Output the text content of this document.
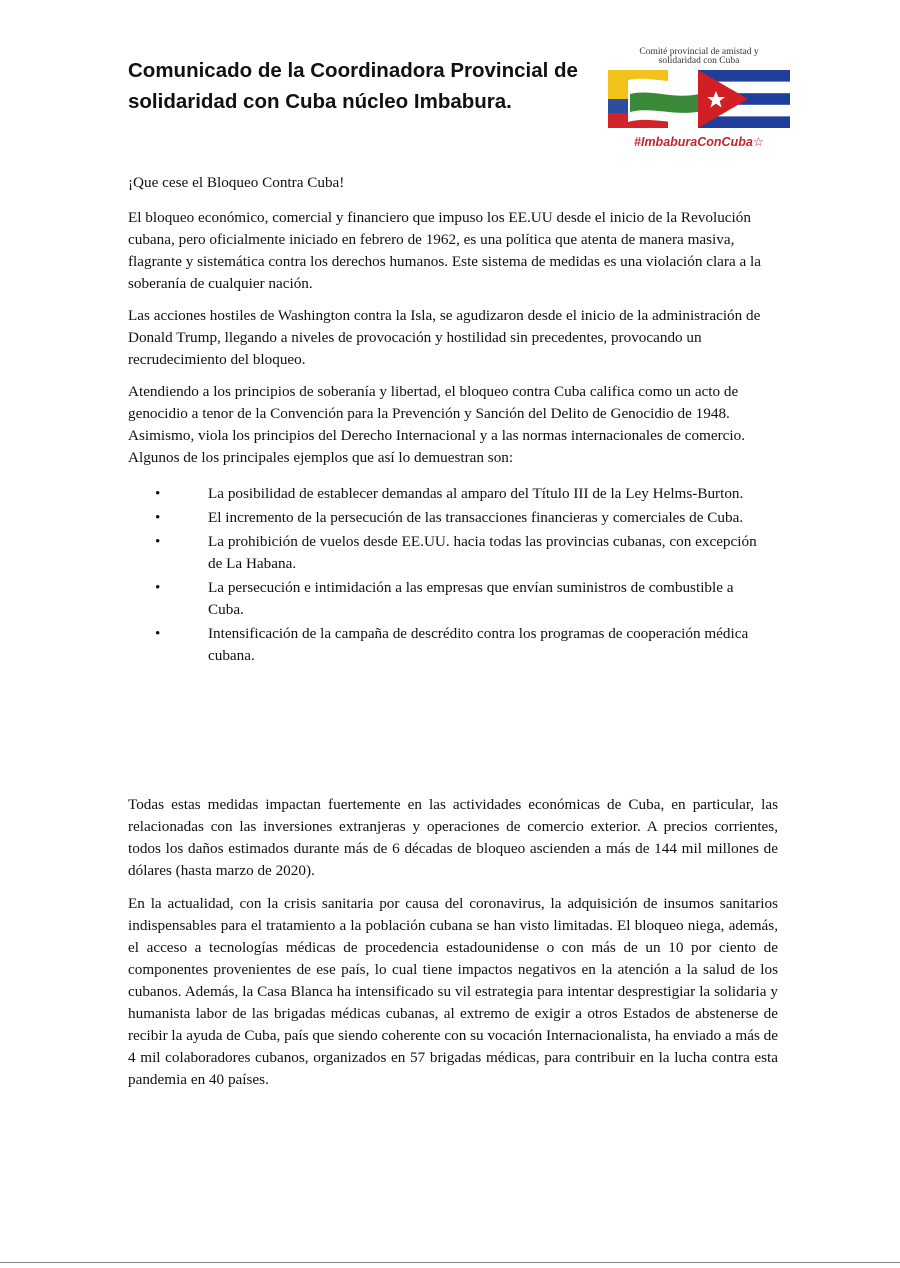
Comunicado de la Coordinadora Provincial de
solidaridad con Cuba núcleo Imbabura.
Comité provincial de amistad y
solidaridad con Cuba
#ImbaburaConCuba☆

¡Que cese el Bloqueo Contra Cuba!

El bloqueo económico, comercial y financiero que impuso los EE.UU desde el inicio de la Revolución cubana, pero oficialmente iniciado en febrero de 1962, es una política que atenta de manera masiva, flagrante y sistemática contra los derechos humanos. Este sistema de medidas es una violación clara a la soberanía de cualquier nación.

Las acciones hostiles de Washington contra la Isla, se agudizaron desde el inicio de la administración de Donald Trump, llegando a niveles de provocación y hostilidad sin precedentes, provocando un recrudecimiento del bloqueo.

Atendiendo a los principios de soberanía y libertad, el bloqueo contra Cuba califica como un acto de genocidio a tenor de la Convención para la Prevención y Sanción del Delito de Genocidio de 1948. Asimismo, viola los principios del Derecho Internacional y a las normas internacionales de comercio. Algunos de los principales ejemplos que así lo demuestran son:

•	La posibilidad de establecer demandas al amparo del Título III de la Ley Helms-Burton.
•	El incremento de la persecución de las transacciones financieras y comerciales de Cuba.
•	La prohibición de vuelos desde EE.UU. hacia todas las provincias cubanas, con excepción de La Habana.
•	La persecución e intimidación a las empresas que envían suministros de combustible a Cuba.
•	Intensificación de la campaña de descrédito contra los programas de cooperación médica cubana.

Todas estas medidas impactan fuertemente en las actividades económicas de Cuba, en particular, las relacionadas con las inversiones extranjeras y operaciones de comercio exterior. A precios corrientes, todos los daños estimados durante más de 6 décadas de bloqueo ascienden a más de 144 mil millones de dólares (hasta marzo de 2020).

En la actualidad, con la crisis sanitaria por causa del coronavirus, la adquisición de insumos sanitarios indispensables para el tratamiento a la población cubana se han visto limitadas. El bloqueo niega, además, el acceso a tecnologías médicas de procedencia estadounidense o con más de un 10 por ciento de componentes provenientes de ese país, lo cual tiene impactos negativos en la atención a la salud de los cubanos. Además, la Casa Blanca ha intensificado su vil estrategia para intentar desprestigiar la solidaria y humanista labor de las brigadas médicas cubanas, al extremo de exigir a otros Estados de abstenerse de recibir la ayuda de Cuba, país que siendo coherente con su vocación Internacionalista, ha enviado a más de 4 mil colaboradores cubanos, organizados en 57 brigadas médicas, para contribuir en la lucha contra esta pandemia en 40 países.
